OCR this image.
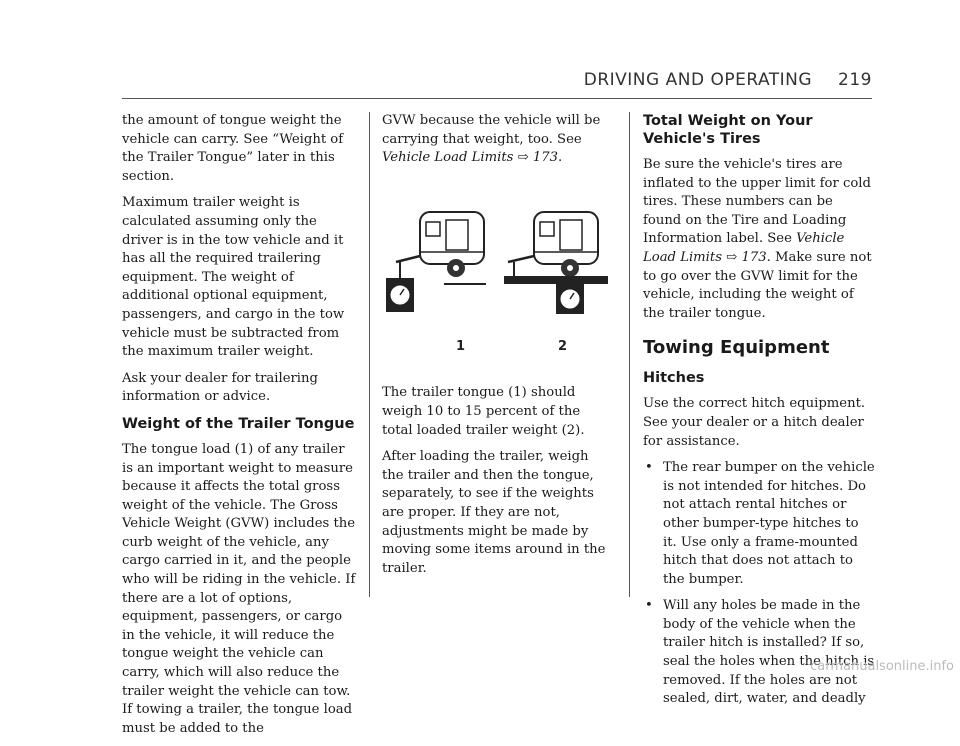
DRIVING AND OPERATING 219

the amount of tongue weight the vehicle can carry. See “Weight of the Trailer Tongue” later in this section.

Maximum trailer weight is calculated assuming only the driver is in the tow vehicle and it has all the required trailering equipment. The weight of additional optional equipment, passengers, and cargo in the tow vehicle must be subtracted from the maximum trailer weight.

Ask your dealer for trailering information or advice.

Weight of the Trailer Tongue

The tongue load (1) of any trailer is an important weight to measure because it affects the total gross weight of the vehicle. The Gross Vehicle Weight (GVW) includes the curb weight of the vehicle, any cargo carried in it, and the people who will be riding in the vehicle. If there are a lot of options, equipment, passengers, or cargo in the vehicle, it will reduce the tongue weight the vehicle can carry, which will also reduce the trailer weight the vehicle can tow. If towing a trailer, the tongue load must be added to the

GVW because the vehicle will be carrying that weight, too. See Vehicle Load Limits ⇨ 173.

1	2

The trailer tongue (1) should weigh 10 to 15 percent of the total loaded trailer weight (2).

After loading the trailer, weigh the trailer and then the tongue, separately, to see if the weights are proper. If they are not, adjustments might be made by moving some items around in the trailer.

Total Weight on Your Vehicle's Tires

Be sure the vehicle's tires are inflated to the upper limit for cold tires. These numbers can be found on the Tire and Loading Information label. See Vehicle Load Limits ⇨ 173. Make sure not to go over the GVW limit for the vehicle, including the weight of the trailer tongue.

Towing Equipment
Hitches

Use the correct hitch equipment. See your dealer or a hitch dealer for assistance.

• The rear bumper on the vehicle is not intended for hitches. Do not attach rental hitches or other bumper-type hitches to it. Use only a frame-mounted hitch that does not attach to the bumper.
• Will any holes be made in the body of the vehicle when the trailer hitch is installed? If so, seal the holes when the hitch is removed. If the holes are not sealed, dirt, water, and deadly
carmanualsonline.info
